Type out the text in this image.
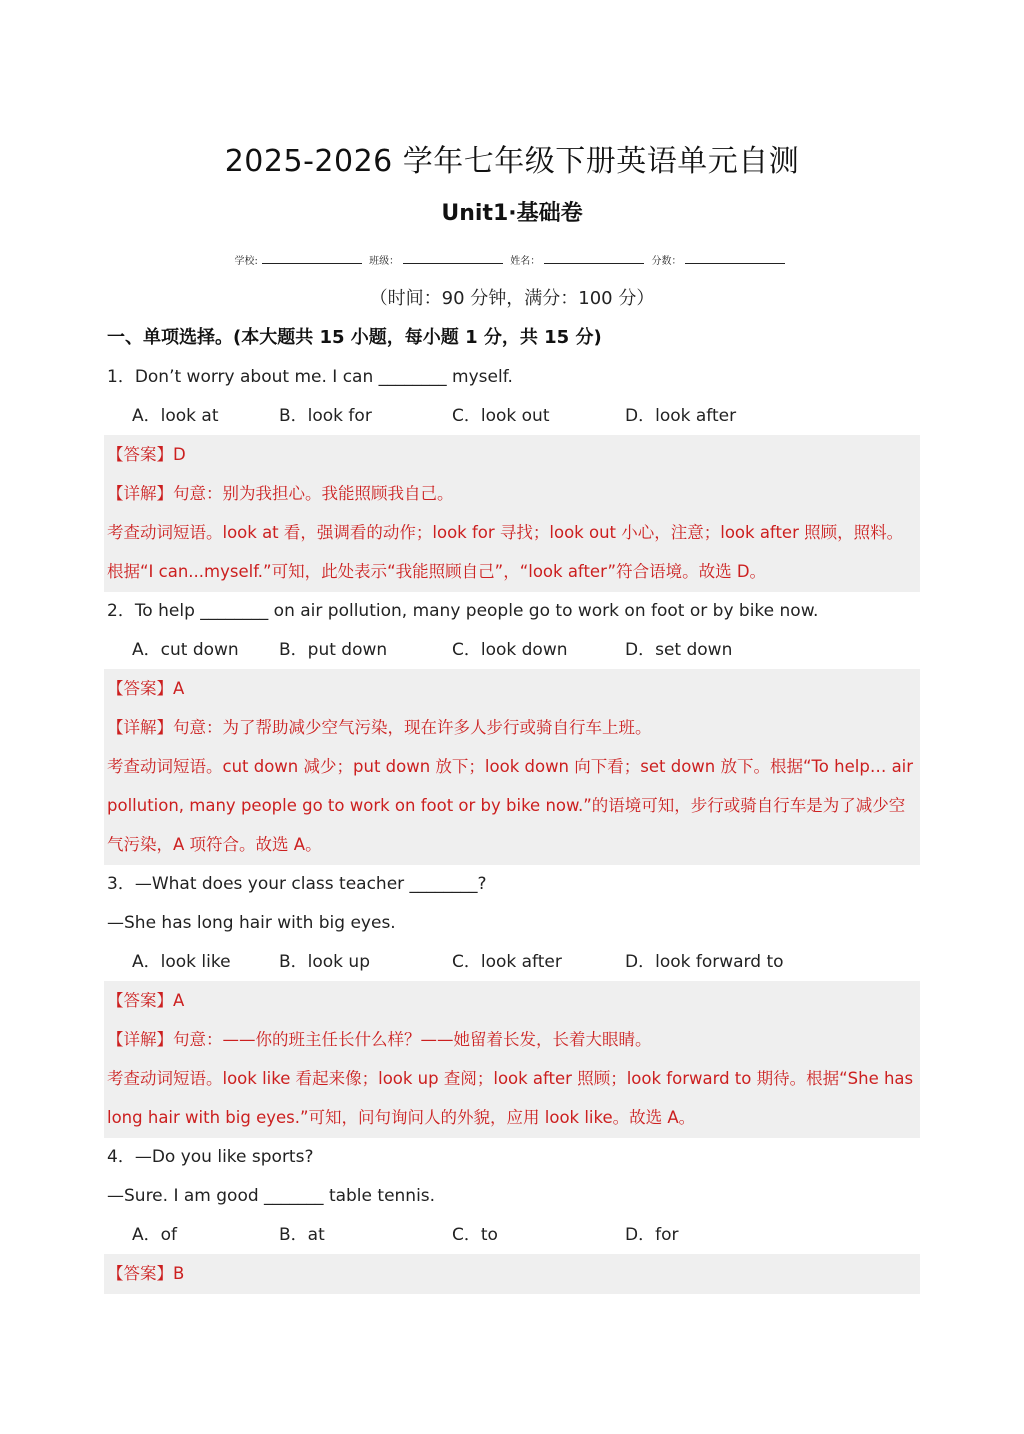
2025-2026 学年七年级下册英语单元自测
Unit1·基础卷
学校:	班级：	姓名：	分数：
（时间：90 分钟，满分：100 分）
一、单项选择。(本大题共 15 小题，每小题 1 分，共 15 分)
1．Don’t worry about me. I can ________ myself.
A．look at	B．look for	C．look out	D．look after
【答案】D
【详解】句意：别为我担心。我能照顾我自己。
考查动词短语。look at 看，强调看的动作；look for 寻找；look out 小心，注意；look after 照顾，照料。
根据“I can...myself.”可知，此处表示“我能照顾自己”，“look after”符合语境。故选 D。
2．To help ________ on air pollution, many people go to work on foot or by bike now.
A．cut down B．put down	C．look down	D．set down
【答案】A
【详解】句意：为了帮助减少空气污染，现在许多人步行或骑自行车上班。
考查动词短语。cut down 减少；put down 放下；look down 向下看；set down 放下。根据“To help… air
pollution, many people go to work on foot or by bike now.”的语境可知，步行或骑自行车是为了减少空
气污染，A 项符合。故选 A。
3．—What does your class teacher ________?
—She has long hair with big eyes.
A．look like	B．look up	C．look after	D．look forward to
【答案】A
【详解】句意：——你的班主任长什么样？——她留着长发，长着大眼睛。
考查动词短语。look like 看起来像；look up 查阅；look after 照顾；look forward to 期待。根据“She has
long hair with big eyes.”可知，问句询问人的外貌，应用 look like。故选 A。
4．—Do you like sports?
—Sure. I am good _______ table tennis.
A．of	B．at	C．to	D．for
【答案】B
